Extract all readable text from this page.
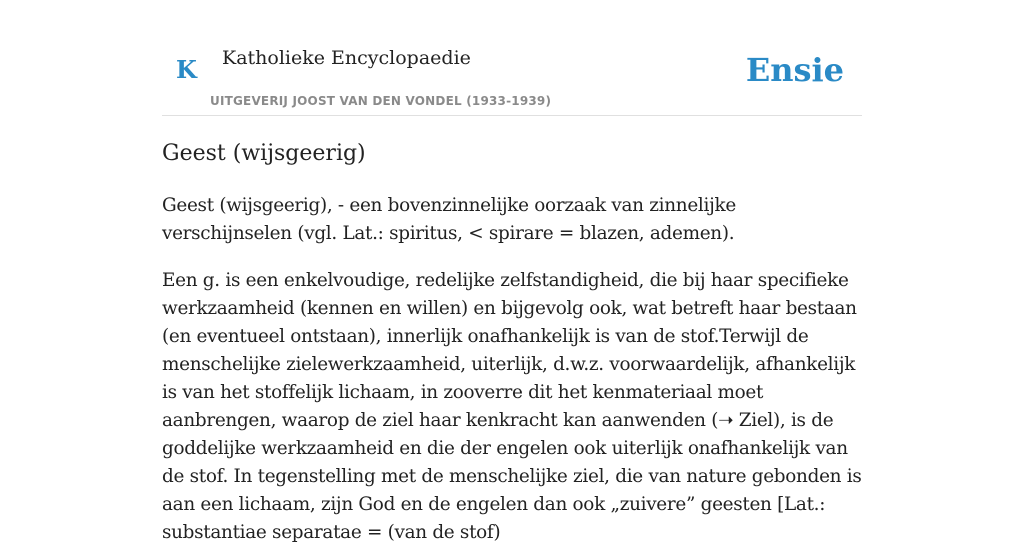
K Katholieke Encyclopaedie
UITGEVERIJ JOOST VAN DEN VONDEL (1933-1939)
Ensie
Geest (wijsgeerig)

Geest (wijsgeerig), - een bovenzinnelijke oorzaak van zinnelijke verschijnselen (vgl. Lat.: spiritus, < spirare = blazen, ademen).

Een g. is een enkelvoudige, redelijke zelfstandigheid, die bij haar specifieke werkzaamheid (kennen en willen) en bijgevolg ook, wat betreft haar bestaan (en eventueel ontstaan), innerlijk onafhankelijk is van de stof.Terwijl de menschelijke zielewerkzaamheid, uiterlijk, d.w.z. voorwaardelijk, afhankelijk is van het stoffelijk lichaam, in zooverre dit het kenmateriaal moet aanbrengen, waarop de ziel haar kenkracht kan aanwenden (➝ Ziel), is de goddelijke werkzaamheid en die der engelen ook uiterlijk onafhankelijk van de stof. In tegenstelling met de menschelijke ziel, die van nature gebonden is aan een lichaam, zijn God en de engelen dan ook „zuivere” geesten [Lat.: substantiae separatae = (van de stof)
